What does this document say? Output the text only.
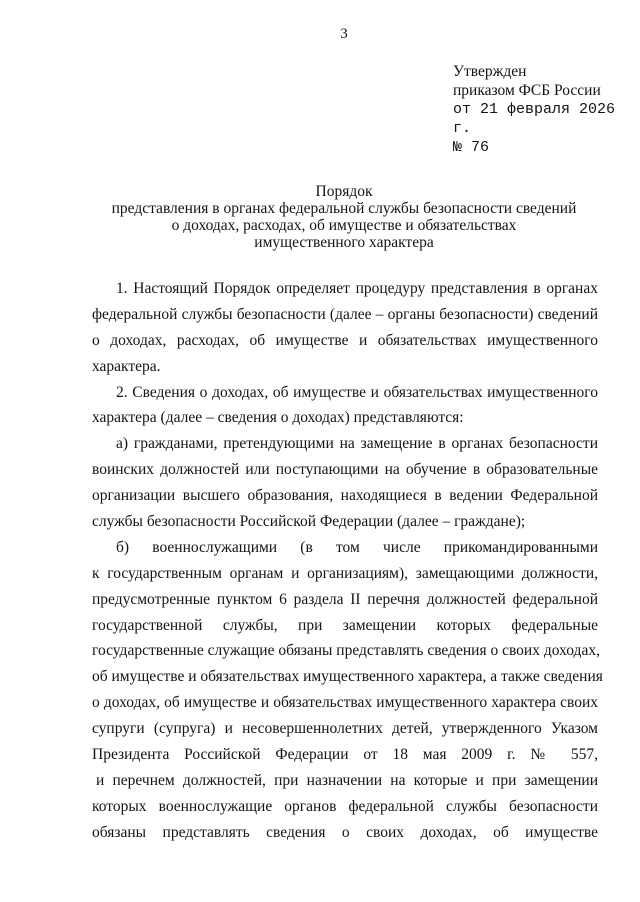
3
Утвержден
приказом ФСБ России
от 21 февраля 2026 г.
№ 76
Порядок
представления в органах федеральной службы безопасности сведений
о доходах, расходах, об имуществе и обязательствах
имущественного характера
1. Настоящий Порядок определяет процедуру представления в органах
федеральной службы безопасности (далее – органы безопасности) сведений
о доходах, расходах, об имуществе и обязательствах имущественного
характера.
2. Сведения о доходах, об имуществе и обязательствах имущественного
характера (далее – сведения о доходах) представляются:
а) гражданами, претендующими на замещение в органах безопасности
воинских должностей или поступающими на обучение в образовательные
организации высшего образования, находящиеся в ведении Федеральной
службы безопасности Российской Федерации (далее – граждане);
б) военнослужащими (в том числе прикомандированными
к государственным органам и организациям), замещающими должности,
предусмотренные пунктом 6 раздела II перечня должностей федеральной
государственной службы, при замещении которых федеральные
государственные служащие обязаны представлять сведения о своих доходах,
об имуществе и обязательствах имущественного характера, а также сведения
о доходах, об имуществе и обязательствах имущественного характера своих
супруги (супруга) и несовершеннолетних детей, утвержденного Указом
Президента Российской Федерации от 18 мая 2009 г. № 557,
и перечнем должностей, при назначении на которые и при замещении
которых военнослужащие органов федеральной службы безопасности
обязаны представлять сведения о своих доходах, об имуществе
